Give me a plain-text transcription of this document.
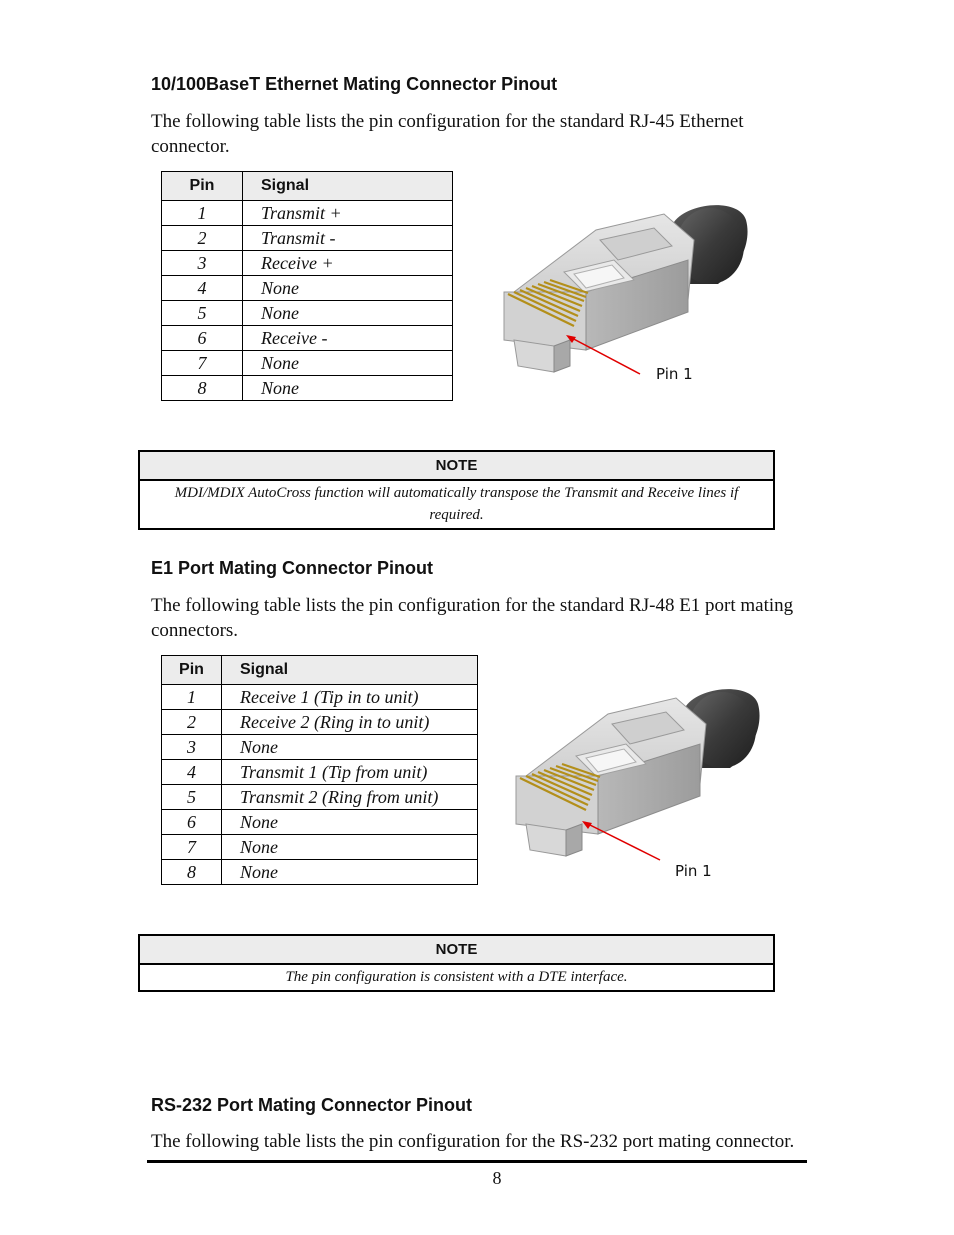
10/100BaseT Ethernet Mating Connector Pinout
The following table lists the pin configuration for the standard RJ-45 Ethernet connector.
Pin	Signal
1	Transmit +
2	Transmit -
3	Receive +
4	None
5	None
6	Receive -
7	None
8	None
Pin 1
NOTE
MDI/MDIX AutoCross function will automatically transpose the Transmit and Receive lines if required.
E1 Port Mating Connector Pinout
The following table lists the pin configuration for the standard RJ-48 E1 port mating connectors.
Pin	Signal
1	Receive 1 (Tip in to unit)
2	Receive 2 (Ring in to unit)
3	None
4	Transmit 1 (Tip from unit)
5	Transmit 2 (Ring from unit)
6	None
7	None
8	None	Pin 1
NOTE
The pin configuration is consistent with a DTE interface.
RS-232 Port Mating Connector Pinout
The following table lists the pin configuration for the RS-232 port mating connector.
8
